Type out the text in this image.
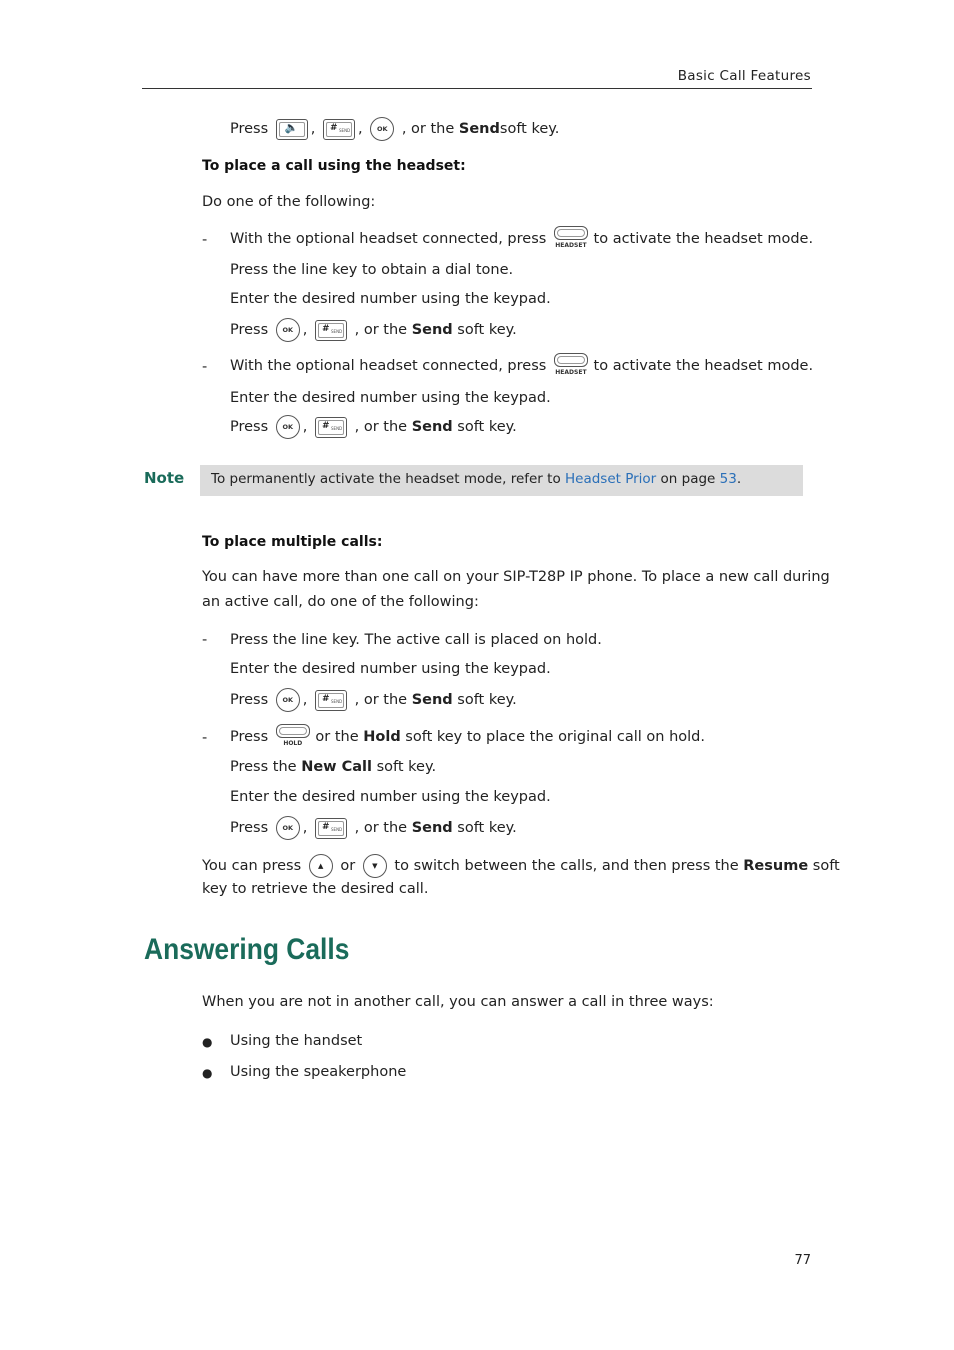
Basic Call Features
Press 🔈 , # SEND , OK , or the Sendsoft key.
To place a call using the headset:
Do one of the following:
- With the optional headset connected, press HEADSET to activate the headset mode.
Press the line key to obtain a dial tone.
Enter the desired number using the keypad.
Press OK , # SEND , or the Send soft key.
- With the optional headset connected, press HEADSET to activate the headset mode.
Enter the desired number using the keypad.
Press OK , # SEND , or the Send soft key.
Note To permanently activate the headset mode, refer to Headset Prior on page 53.
To place multiple calls:
You can have more than one call on your SIP-T28P IP phone. To place a new call during
an active call, do one of the following:
- Press the line key. The active call is placed on hold.
Enter the desired number using the keypad.
Press OK , # SEND , or the Send soft key.
- Press	HOLD or the Hold soft key to place the original call on hold.
Press the New Call soft key.
Enter the desired number using the keypad.
Press OK , # SEND , or the Send soft key.
You can press ▲ or ▼ to switch between the calls, and then press the Resume soft
key to retrieve the desired call.
Answering Calls
When you are not in another call, you can answer a call in three ways:
● Using the handset
● Using the speakerphone
77
